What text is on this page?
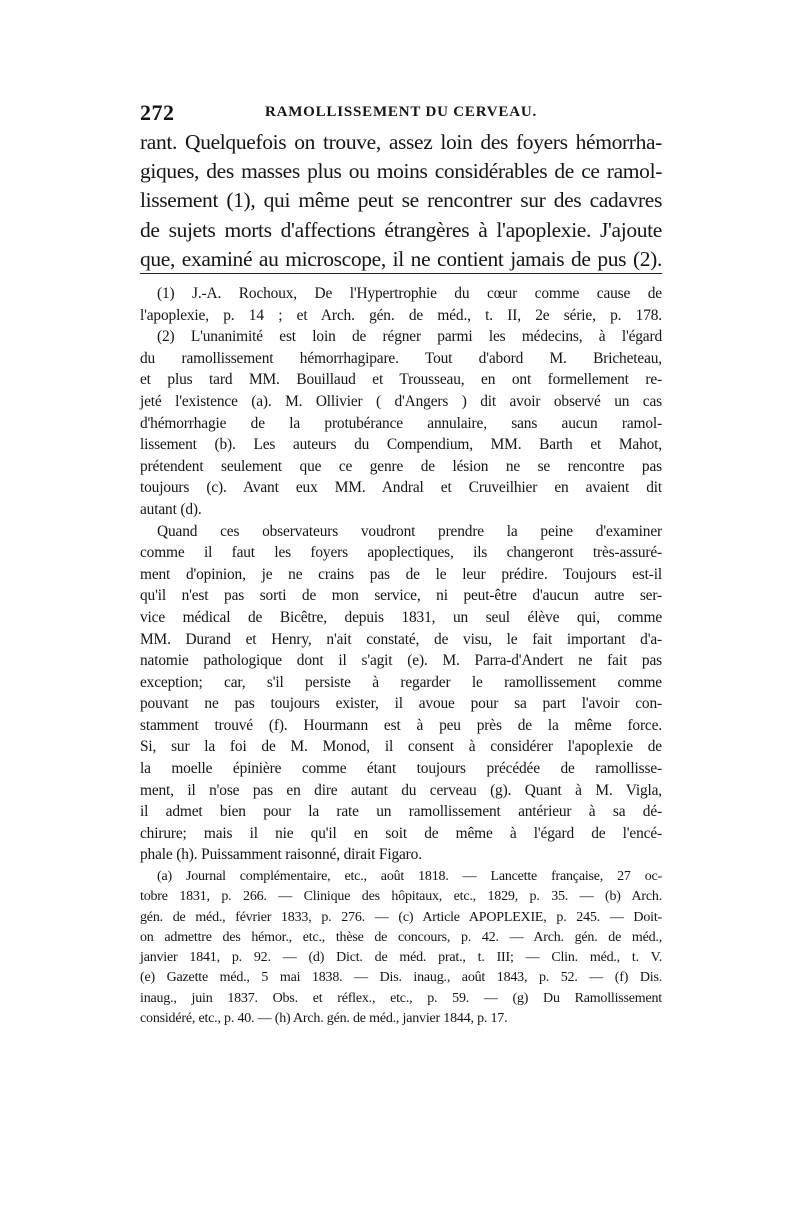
272	RAMOLLISSEMENT DU CERVEAU.
rant. Quelquefois on trouve, assez loin des foyers hémorrha-
giques, des masses plus ou moins considérables de ce ramol-
lissement (1), qui même peut se rencontrer sur des cadavres
de sujets morts d'affections étrangères à l'apoplexie. J'ajoute
que, examiné au microscope, il ne contient jamais de pus (2).
(1) J.-A. Rochoux, De l'Hypertrophie du cœur comme cause de
l'apoplexie, p. 14 ; et Arch. gén. de méd., t. II, 2e série, p. 178.
(2) L'unanimité est loin de régner parmi les médecins, à l'égard
du ramollissement hémorrhagipare. Tout d'abord M. Bricheteau,
et plus tard MM. Bouillaud et Trousseau, en ont formellement re-
jeté l'existence (a). M. Ollivier ( d'Angers ) dit avoir observé un cas
d'hémorrhagie de la protubérance annulaire, sans aucun ramol-
lissement (b). Les auteurs du Compendium, MM. Barth et Mahot,
prétendent seulement que ce genre de lésion ne se rencontre pas
toujours (c). Avant eux MM. Andral et Cruveilhier en avaient dit
autant (d).
Quand ces observateurs voudront prendre la peine d'examiner
comme il faut les foyers apoplectiques, ils changeront très-assuré-
ment d'opinion, je ne crains pas de le leur prédire. Toujours est-il
qu'il n'est pas sorti de mon service, ni peut-être d'aucun autre ser-
vice médical de Bicêtre, depuis 1831, un seul élève qui, comme
MM. Durand et Henry, n'ait constaté, de visu, le fait important d'a-
natomie pathologique dont il s'agit (e). M. Parra-d'Andert ne fait pas
exception; car, s'il persiste à regarder le ramollissement comme
pouvant ne pas toujours exister, il avoue pour sa part l'avoir con-
stamment trouvé (f). Hourmann est à peu près de la même force.
Si, sur la foi de M. Monod, il consent à considérer l'apoplexie de
la moelle épinière comme étant toujours précédée de ramollisse-
ment, il n'ose pas en dire autant du cerveau (g). Quant à M. Vigla,
il admet bien pour la rate un ramollissement antérieur à sa dé-
chirure; mais il nie qu'il en soit de même à l'égard de l'encé-
phale (h). Puissamment raisonné, dirait Figaro.
(a) Journal complémentaire, etc., août 1818. — Lancette française, 27 oc-
tobre 1831, p. 266. — Clinique des hôpitaux, etc., 1829, p. 35. — (b) Arch.
gén. de méd., février 1833, p. 276. — (c) Article APOPLEXIE, p. 245. — Doit-
on admettre des hémor., etc., thèse de concours, p. 42. — Arch. gén. de méd.,
janvier 1841, p. 92. — (d) Dict. de méd. prat., t. III; — Clin. méd., t. V.
(e) Gazette méd., 5 mai 1838. — Dis. inaug., août 1843, p. 52. — (f) Dis.
inaug., juin 1837. Obs. et réflex., etc., p. 59. — (g) Du Ramollissement
considéré, etc., p. 40. — (h) Arch. gén. de méd., janvier 1844, p. 17.
